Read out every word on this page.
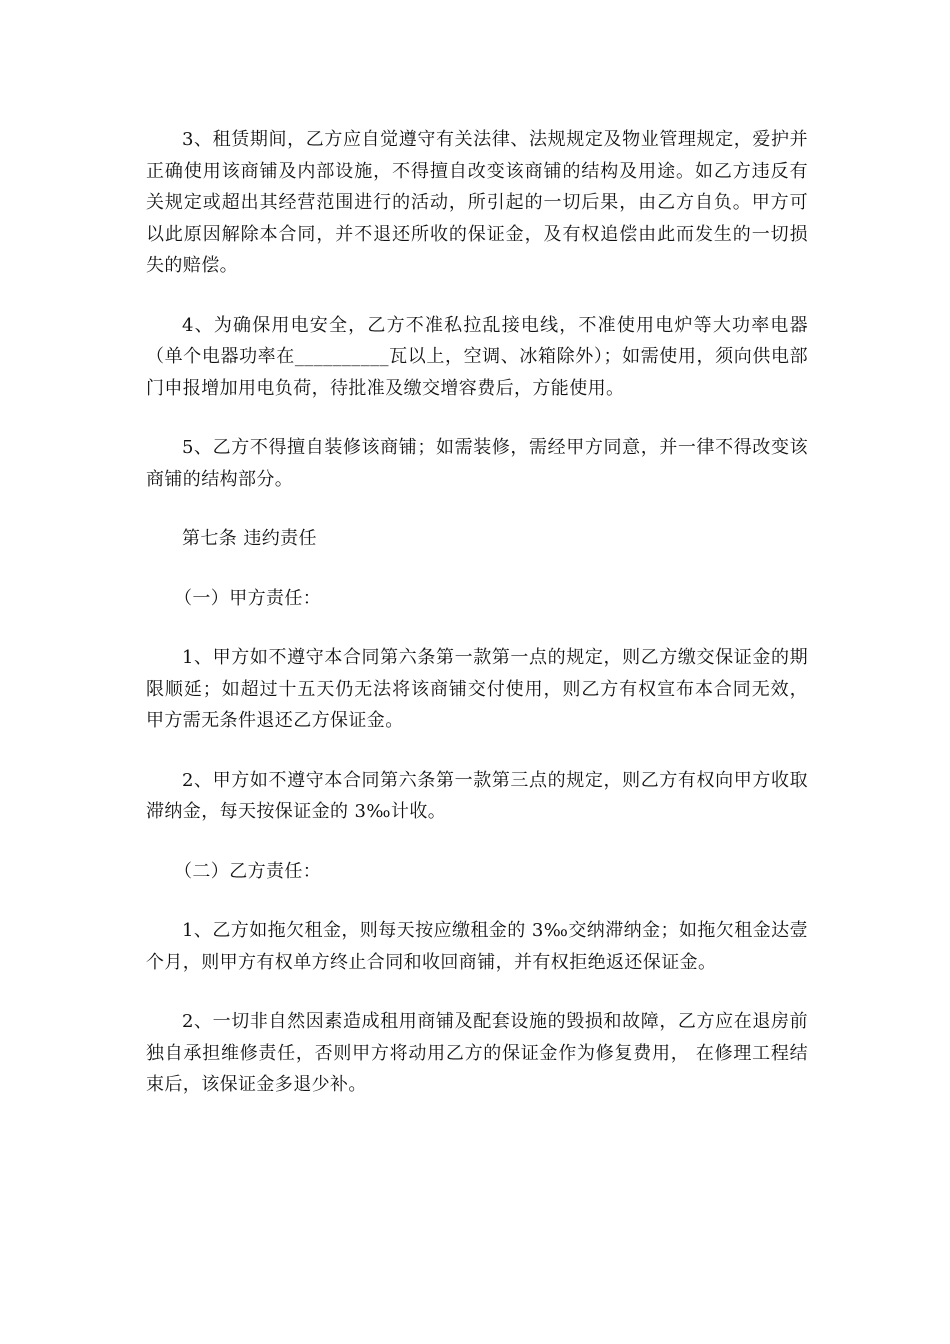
3、租赁期间，乙方应自觉遵守有关法律、法规规定及物业管理规定，爱护并正确使用该商铺及内部设施，不得擅自改变该商铺的结构及用途。如乙方违反有关规定或超出其经营范围进行的活动，所引起的一切后果，由乙方自负。甲方可以此原因解除本合同，并不退还所收的保证金，及有权追偿由此而发生的一切损失的赔偿。

4、为确保用电安全，乙方不准私拉乱接电线，不准使用电炉等大功率电器（单个电器功率在__________瓦以上，空调、冰箱除外）；如需使用，须向供电部门申报增加用电负荷，待批准及缴交增容费后，方能使用。

5、乙方不得擅自装修该商铺；如需装修，需经甲方同意，并一律不得改变该商铺的结构部分。

第七条 违约责任

（一）甲方责任：

1、甲方如不遵守本合同第六条第一款第一点的规定，则乙方缴交保证金的期限顺延；如超过十五天仍无法将该商铺交付使用，则乙方有权宣布本合同无效，甲方需无条件退还乙方保证金。

2、甲方如不遵守本合同第六条第一款第三点的规定，则乙方有权向甲方收取滞纳金，每天按保证金的 3‰计收。

（二）乙方责任：

1、乙方如拖欠租金，则每天按应缴租金的 3‰交纳滞纳金；如拖欠租金达壹个月，则甲方有权单方终止合同和收回商铺，并有权拒绝返还保证金。

2、一切非自然因素造成租用商铺及配套设施的毁损和故障，乙方应在退房前独自承担维修责任，否则甲方将动用乙方的保证金作为修复费用， 在修理工程结束后，该保证金多退少补。
